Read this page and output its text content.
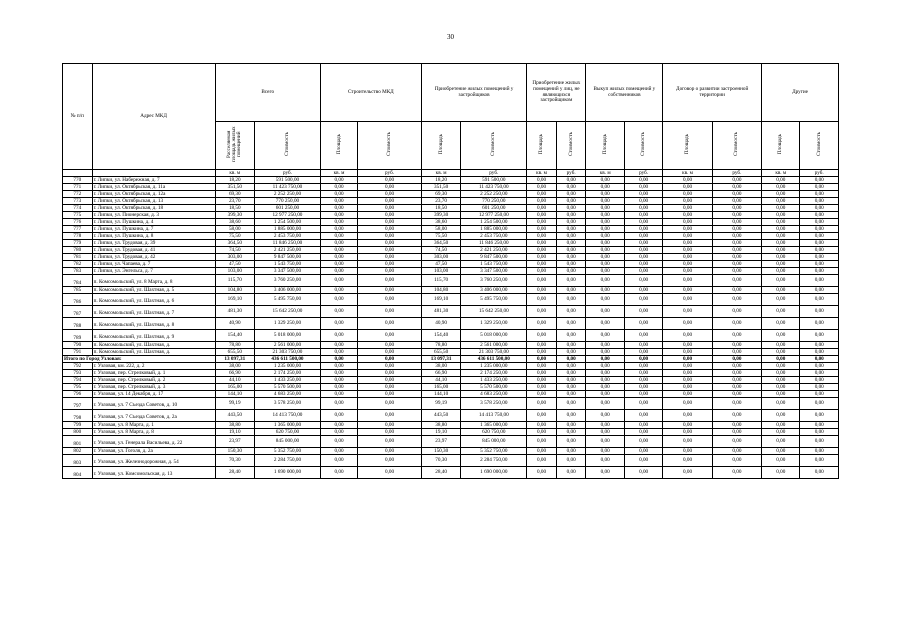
30
№ п/п	Адрес МКД	Всего		Строительство МКД		Приобретение жилых помещений у застройщиков		Приобретение жилых помещений у лиц, не являющихся застройщиком		Выкуп жилых помещений у собственников		Договор о развитии застроенной территории		Другие	
		Расселяемая площадь жилых помещений	Стоимость	Площадь	Стоимость	Площадь	Стоимость	Площадь	Стоимость	Площадь	Стоимость	Площадь	Стоимость	Площадь	Стоимость
		кв. м	руб.	кв. м	руб.	кв. м	руб.	кв. м	руб.	кв. м	руб.	кв. м	руб.	кв. м	руб.
770	г. Липки, ул. Набережная, д. 7	18,20	591 500,00	0,00	0,00	18,20	591 500,00	0,00	0,00	0,00	0,00	0,00	0,00	0,00	0,00
771	г. Липки, ул. Октябрьская, д. 11а	351,50	11 423 750,00	0,00	0,00	351,50	11 423 750,00	0,00	0,00	0,00	0,00	0,00	0,00	0,00	0,00
772	г. Липки, ул. Октябрьская, д. 12а	69,30	2 252 250,00	0,00	0,00	69,30	2 252 250,00	0,00	0,00	0,00	0,00	0,00	0,00	0,00	0,00
773	г. Липки, ул. Октябрьская, д. 13	23,70	770 250,00	0,00	0,00	23,70	770 250,00	0,00	0,00	0,00	0,00	0,00	0,00	0,00	0,00
774	г. Липки, ул. Октябрьская, д. 18	18,50	601 250,00	0,00	0,00	18,50	601 250,00	0,00	0,00	0,00	0,00	0,00	0,00	0,00	0,00
775	г. Липки, ул. Пионерская, д. 3	399,30	12 977 250,00	0,00	0,00	399,30	12 977 250,00	0,00	0,00	0,00	0,00	0,00	0,00	0,00	0,00
776	г. Липки, ул. Пушкина, д. 4	38,60	1 254 500,00	0,00	0,00	38,60	1 254 500,00	0,00	0,00	0,00	0,00	0,00	0,00	0,00	0,00
777	г. Липки, ул. Пушкина, д. 7	58,00	1 885 000,00	0,00	0,00	58,00	1 885 000,00	0,00	0,00	0,00	0,00	0,00	0,00	0,00	0,00
778	г. Липки, ул. Пушкина, д. 8	75,50	2 453 750,00	0,00	0,00	75,50	2 453 750,00	0,00	0,00	0,00	0,00	0,00	0,00	0,00	0,00
779	г. Липки, ул. Трудовая, д. 39	364,50	11 846 250,00	0,00	0,00	364,50	11 846 250,00	0,00	0,00	0,00	0,00	0,00	0,00	0,00	0,00
780	г. Липки, ул. Трудовая, д. 41	74,50	2 421 250,00	0,00	0,00	74,50	2 421 250,00	0,00	0,00	0,00	0,00	0,00	0,00	0,00	0,00
781	г. Липки, ул. Трудовая, д. 42	303,00	9 847 500,00	0,00	0,00	303,00	9 847 500,00	0,00	0,00	0,00	0,00	0,00	0,00	0,00	0,00
782	г. Липки, ул. Чапаева, д. 7	47,50	1 543 750,00	0,00	0,00	47,50	1 543 750,00	0,00	0,00	0,00	0,00	0,00	0,00	0,00	0,00
783	г. Липки, ул. Энгельса, д. 7	103,00	3 347 500,00	0,00	0,00	103,00	3 347 500,00	0,00	0,00	0,00	0,00	0,00	0,00	0,00	0,00
784	п. Комсомольский, ул. 8 Марта, д. 8	115,70	3 760 250,00	0,00	0,00	115,70	3 760 250,00	0,00	0,00	0,00	0,00	0,00	0,00	0,00	0,00
785	п. Комсомольский, ул. Шахтная, д. 5	104,80	3 406 000,00	0,00	0,00	104,80	3 406 000,00	0,00	0,00	0,00	0,00	0,00	0,00	0,00	0,00
786	п. Комсомольский, ул. Шахтная, д. 6	169,10	5 495 750,00	0,00	0,00	169,10	5 495 750,00	0,00	0,00	0,00	0,00	0,00	0,00	0,00	0,00
787	п. Комсомольский, ул. Шахтная, д. 7	481,30	15 642 250,00	0,00	0,00	481,30	15 642 250,00	0,00	0,00	0,00	0,00	0,00	0,00	0,00	0,00
788	п. Комсомольский, ул. Шахтная, д. 8	40,90	1 329 250,00	0,00	0,00	40,90	1 329 250,00	0,00	0,00	0,00	0,00	0,00	0,00	0,00	0,00
789	п. Комсомольский, ул. Шахтная, д. 9	154,40	5 018 000,00	0,00	0,00	154,40	5 018 000,00	0,00	0,00	0,00	0,00	0,00	0,00	0,00	0,00
790	п. Комсомольский, ул. Шахтная, д.	78,80	2 561 000,00	0,00	0,00	78,80	2 561 000,00	0,00	0,00	0,00	0,00	0,00	0,00	0,00	0,00
791	п. Комсомольский, ул. Шахтная, д.	655,50	21 303 750,00	0,00	0,00	655,50	21 303 750,00	0,00	0,00	0,00	0,00	0,00	0,00	0,00	0,00
Итого по Город Узловая:		13 097,31	436 611 500,00	0,00	0,00	13 097,31	436 611 500,00	0,00	0,00	0,00	0,00	0,00	0,00	0,00	0,00
792	г. Узловая, км. 222, д. 2	38,00	1 235 000,00	0,00	0,00	38,00	1 235 000,00	0,00	0,00	0,00	0,00	0,00	0,00	0,00	0,00
793	г. Узловая, пер. Стрелковый, д. 1	66,90	2 174 250,00	0,00	0,00	66,90	2 174 250,00	0,00	0,00	0,00	0,00	0,00	0,00	0,00	0,00
794	г. Узловая, пер. Стрелковый, д. 2	44,10	1 433 250,00	0,00	0,00	44,10	1 433 250,00	0,00	0,00	0,00	0,00	0,00	0,00	0,00	0,00
795	г. Узловая, пер. Стрелковый, д. 3	165,00	5 570 500,00	0,00	0,00	165,00	5 570 500,00	0,00	0,00	0,00	0,00	0,00	0,00	0,00	0,00
796	г. Узловая, ул. 14 Декабря, д. 17	144,10	4 683 250,00	0,00	0,00	144,10	4 683 250,00	0,00	0,00	0,00	0,00	0,00	0,00	0,00	0,00
797	г. Узловая, ул. 7 Съезда Советов, д. 10	99,19	3 578 250,00	0,00	0,00	99,19	3 578 250,00	0,00	0,00	0,00	0,00	0,00	0,00	0,00	0,00
798	г. Узловая, ул. 7 Съезда Советов, д. 2а	443,50	14 413 750,00	0,00	0,00	443,50	14 413 750,00	0,00	0,00	0,00	0,00	0,00	0,00	0,00	0,00
799	г. Узловая, ул. 8 Марта, д. 1	38,80	1 365 000,00	0,00	0,00	38,80	1 365 000,00	0,00	0,00	0,00	0,00	0,00	0,00	0,00	0,00
800	г. Узловая, ул. 8 Марта, д. 8	19,10	620 750,00	0,00	0,00	19,10	620 750,00	0,00	0,00	0,00	0,00	0,00	0,00	0,00	0,00
801	г. Узловая, ул. Генерала Васильева, д. 22	23,97	845 000,00	0,00	0,00	23,97	845 000,00	0,00	0,00	0,00	0,00	0,00	0,00	0,00	0,00
802	г. Узловая, ул. Гоголя, д. 2а	150,30	5 352 750,00	0,00	0,00	150,30	5 352 750,00	0,00	0,00	0,00	0,00	0,00	0,00	0,00	0,00
803	г. Узловая, ул. Железнодорожная, д. 54	70,30	2 284 750,00	0,00	0,00	70,30	2 284 750,00	0,00	0,00	0,00	0,00	0,00	0,00	0,00	0,00
804	г. Узловая, ул. Комсомольская, д. 13	28,40	1 690 000,00	0,00	0,00	28,40	1 690 000,00	0,00	0,00	0,00	0,00	0,00	0,00	0,00	0,00
